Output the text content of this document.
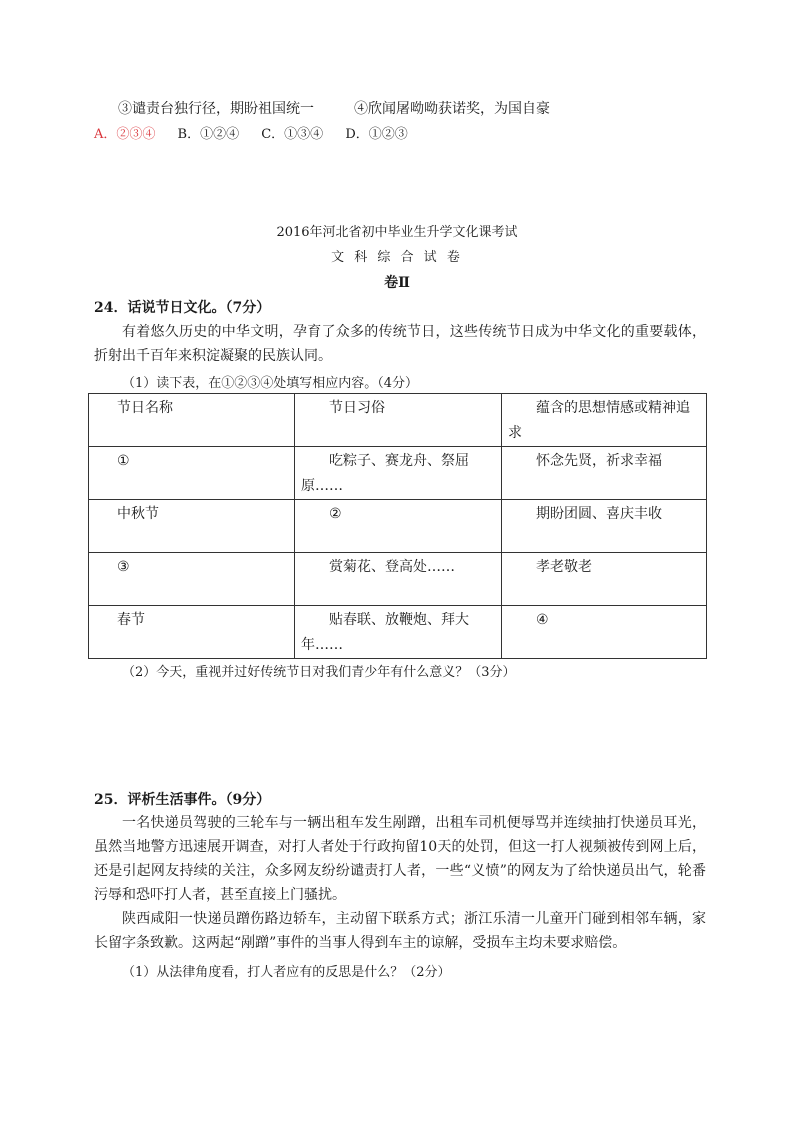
③谴责台独行径，期盼祖国统一	④欣闻屠呦呦获诺奖，为国自豪
A．②③④ B．①②④ C．①③④ D．①②③
2016年河北省初中毕业生升学文化课考试
文 科 综 合 试 卷
卷Ⅱ
24．话说节日文化。（7分）

有着悠久历史的中华文明，孕育了众多的传统节日，这些传统节日成为中华文化的重要载体，折射出千百年来积淀凝聚的民族认同。

（1）读下表，在①②③④处填写相应内容。（4分）
节日名称	节日习俗	蕴含的思想情感或精神追求
①	吃粽子、赛龙舟、祭屈原……	怀念先贤，祈求幸福
中秋节	②	期盼团圆、喜庆丰收
③	赏菊花、登高处……	孝老敬老
春节	贴春联、放鞭炮、拜大年……	④
（2）今天，重视并过好传统节日对我们青少年有什么意义？（3分）
25．评析生活事件。（9分）

一名快递员驾驶的三轮车与一辆出租车发生剐蹭，出租车司机便辱骂并连续抽打快递员耳光，虽然当地警方迅速展开调查，对打人者处于行政拘留10天的处罚，但这一打人视频被传到网上后，还是引起网友持续的关注，众多网友纷纷谴责打人者，一些“义愤”的网友为了给快递员出气，轮番污辱和恐吓打人者，甚至直接上门骚扰。

陕西咸阳一快递员蹭伤路边轿车，主动留下联系方式；浙江乐清一儿童开门碰到相邻车辆，家长留字条致歉。这两起“剐蹭”事件的当事人得到车主的谅解，受损车主均未要求赔偿。

（1）从法律角度看，打人者应有的反思是什么？（2分）
